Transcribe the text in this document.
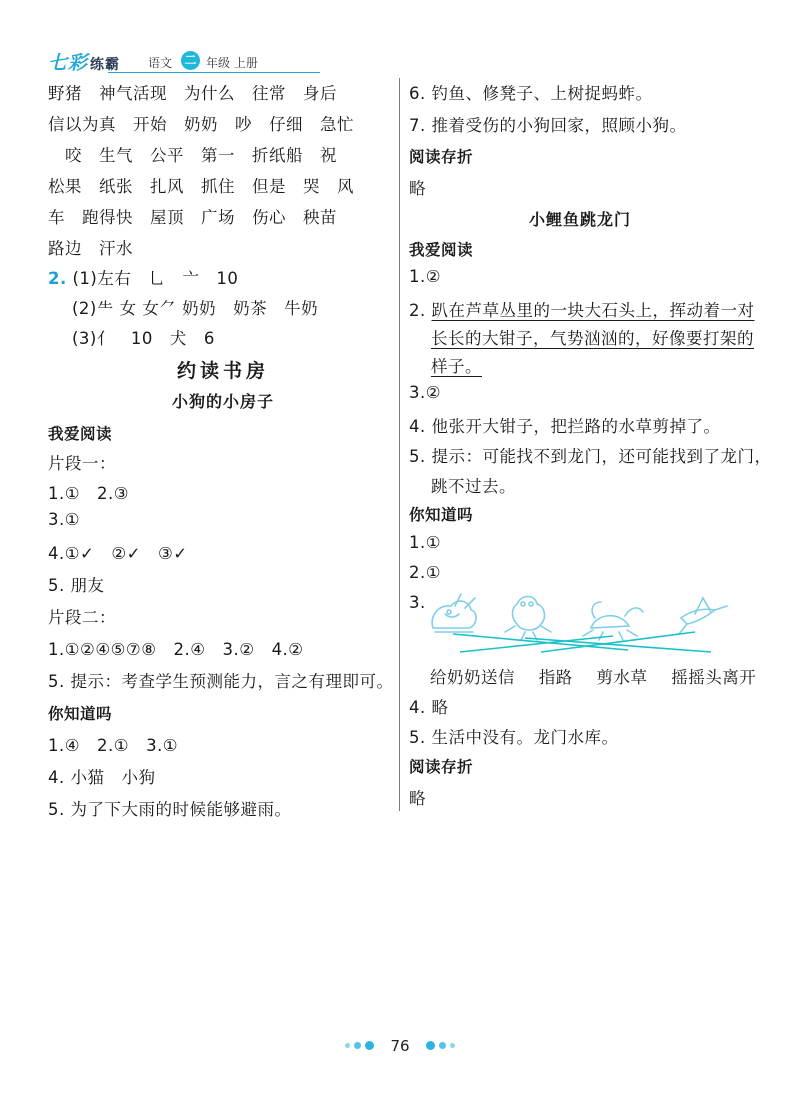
七彩 练霸 语文 二 年级 上册
野猪　神气活现　为什么　往常　身后
信以为真　开始　奶奶　吵　仔细　急忙
　咬　生气　公平　第一　折纸船　祝
松果　纸张　扎风　抓住　但是　哭　风
车　跑得快　屋顶　广场　伤心　秧苗
路边　汗水
2. (1)左右　乚　亠　10
(2)⺧ 女 女⺈ 奶奶　奶茶　牛奶
(3)⺅　10　犬　6
约读书房
小狗的小房子
我爱阅读
片段一：
1.①　2.③
3.①
4.①✓　②✓　③✓
5. 朋友
片段二：
1.①②④⑤⑦⑧　2.④　3.②　4.②
5. 提示：考查学生预测能力，言之有理即可。
你知道吗
1.④　2.①　3.①
4. 小猫　小狗
5. 为了下大雨的时候能够避雨。
6. 钓鱼、修凳子、上树捉蚂蚱。
7. 推着受伤的小狗回家，照顾小狗。
阅读存折
略
小鲤鱼跳龙门
我爱阅读
1.②
2. 趴在芦草丛里的一块大石头上，挥动着一对
长长的大钳子，气势汹汹的，好像要打架的
样子。
3.②
4. 他张开大钳子，把拦路的水草剪掉了。
5. 提示：可能找不到龙门，还可能找到了龙门，
跳不过去。
你知道吗
1.①
2.①
3.
给奶奶送信 指路 剪水草 摇摇头离开
4. 略
5. 生活中没有。龙门水库。
阅读存折
略
76
